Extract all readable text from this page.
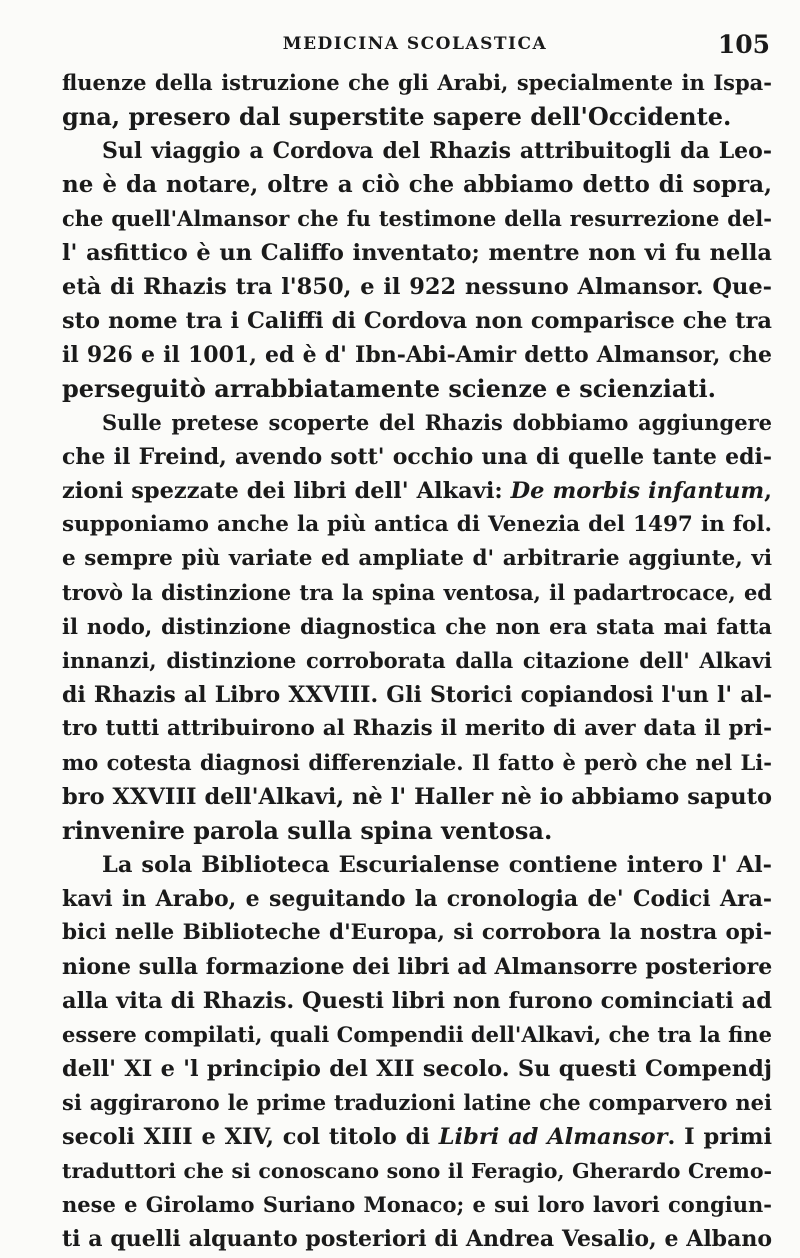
MEDICINA SCOLASTICA	105
fluenze della istruzione che gli Arabi, specialmente in Ispa-
gna, presero dal superstite sapere dell'Occidente.
Sul viaggio a Cordova del Rhazis attribuitogli da Leo-
ne è da notare, oltre a ciò che abbiamo detto di sopra,
che quell'Almansor che fu testimone della resurrezione del-
l' asfittico è un Califfo inventato; mentre non vi fu nella
età di Rhazis tra l'850, e il 922 nessuno Almansor. Que-
sto nome tra i Califfi di Cordova non comparisce che tra
il 926 e il 1001, ed è d' Ibn-Abi-Amir detto Almansor, che
perseguitò arrabbiatamente scienze e scienziati.
Sulle pretese scoperte del Rhazis dobbiamo aggiungere
che il Freind, avendo sott' occhio una di quelle tante edi-
zioni spezzate dei libri dell' Alkavi: De morbis infantum,
supponiamo anche la più antica di Venezia del 1497 in fol.
e sempre più variate ed ampliate d' arbitrarie aggiunte, vi
trovò la distinzione tra la spina ventosa, il padartrocace, ed
il nodo, distinzione diagnostica che non era stata mai fatta
innanzi, distinzione corroborata dalla citazione dell' Alkavi
di Rhazis al Libro XXVIII. Gli Storici copiandosi l'un l' al-
tro tutti attribuirono al Rhazis il merito di aver data il pri-
mo cotesta diagnosi differenziale. Il fatto è però che nel Li-
bro XXVIII dell'Alkavi, nè l' Haller nè io abbiamo saputo
rinvenire parola sulla spina ventosa.
La sola Biblioteca Escurialense contiene intero l' Al-
kavi in Arabo, e seguitando la cronologia de' Codici Ara-
bici nelle Biblioteche d'Europa, si corrobora la nostra opi-
nione sulla formazione dei libri ad Almansorre posteriore
alla vita di Rhazis. Questi libri non furono cominciati ad
essere compilati, quali Compendii dell'Alkavi, che tra la fine
dell' XI e 'l principio del XII secolo. Su questi Compendj
si aggirarono le prime traduzioni latine che comparvero nei
secoli XIII e XIV, col titolo di Libri ad Almansor. I primi
traduttori che si conoscano sono il Feragio, Gherardo Cremo-
nese e Girolamo Suriano Monaco; e sui loro lavori congiun-
ti a quelli alquanto posteriori di Andrea Vesalio, e Albano
